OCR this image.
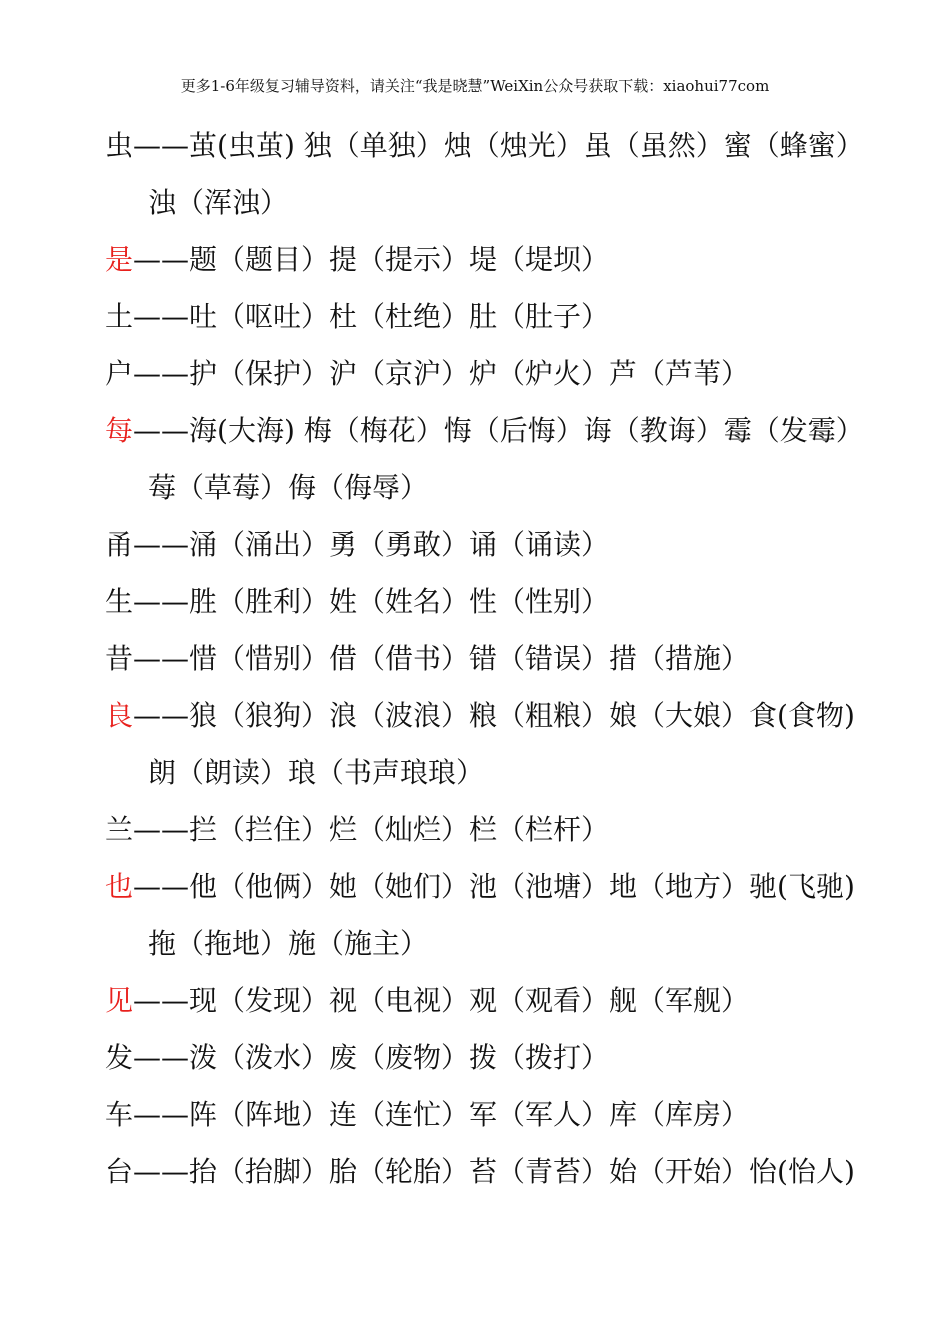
更多1-6年级复习辅导资料，请关注“我是晓慧”WeiXin公众号获取下载：xiaohui77com
虫——茧(虫茧) 独（单独）烛（烛光）虽（虽然）蜜（蜂蜜）
浊（浑浊）
是——题（题目）提（提示）堤（堤坝）
土——吐（呕吐）杜（杜绝）肚（肚子）
户——护（保护）沪（京沪）炉（炉火）芦（芦苇）
每——海(大海) 梅（梅花）悔（后悔）诲（教诲）霉（发霉）
莓（草莓）侮（侮辱）
甬——涌（涌出）勇（勇敢）诵（诵读）
生——胜（胜利）姓（姓名）性（性别）
昔——惜（惜别）借（借书）错（错误）措（措施）
良——狼（狼狗）浪（波浪）粮（粗粮）娘（大娘）食(食物)
朗（朗读）琅（书声琅琅）
兰——拦（拦住）烂（灿烂）栏（栏杆）
也——他（他俩）她（她们）池（池塘）地（地方）驰(飞驰)
拖（拖地）施（施主）
见——现（发现）视（电视）观（观看）舰（军舰）
发——泼（泼水）废（废物）拨（拨打）
车——阵（阵地）连（连忙）军（军人）库（库房）
台——抬（抬脚）胎（轮胎）苔（青苔）始（开始）怡(怡人)
